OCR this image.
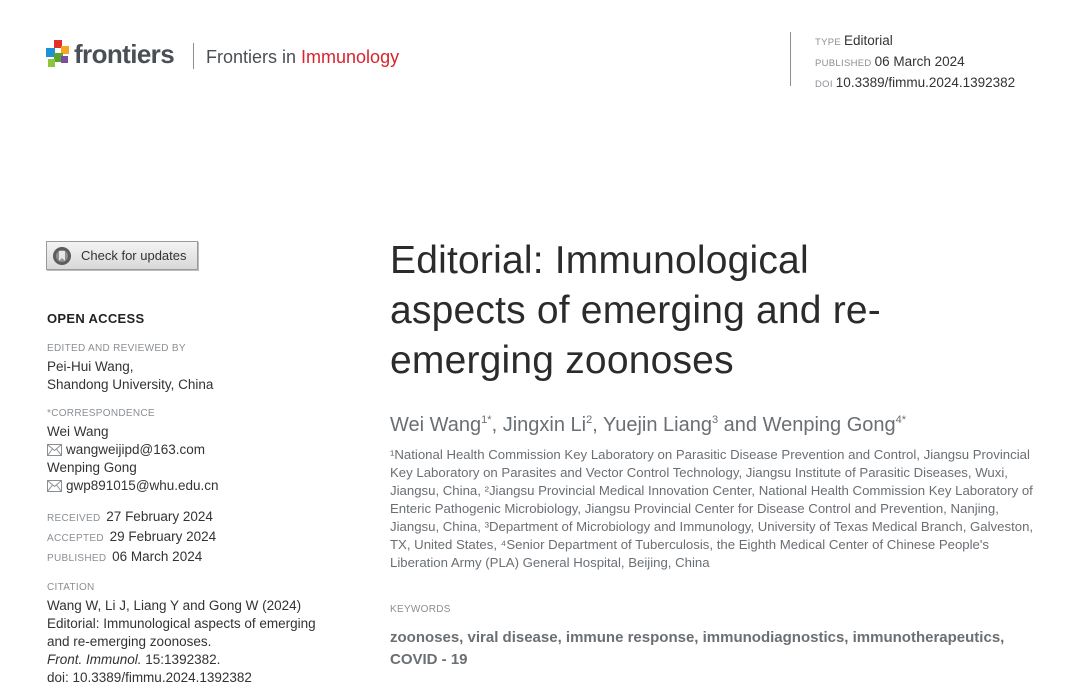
frontiers Frontiers in Immunology
TYPE Editorial
PUBLISHED 06 March 2024
DOI 10.3389/fimmu.2024.1392382
Check for updates
OPEN ACCESS
EDITED AND REVIEWED BY
Pei-Hui Wang,
Shandong University, China
*CORRESPONDENCE
Wei Wang
wangweijipd@163.com
Wenping Gong
gwp891015@whu.edu.cn
RECEIVED 27 February 2024
ACCEPTED 29 February 2024
PUBLISHED 06 March 2024
CITATION
Wang W, Li J, Liang Y and Gong W (2024)
Editorial: Immunological aspects of emerging
and re-emerging zoonoses.
Front. Immunol. 15:1392382.
doi: 10.3389/fimmu.2024.1392382
Editorial: Immunological aspects of emerging and re-emerging zoonoses
Wei Wang$^{1*}$, Jingxin Li$^2$, Yuejin Liang$^3$ and Wenping Gong$^{4*}$
¹National Health Commission Key Laboratory on Parasitic Disease Prevention and Control, Jiangsu Provincial Key Laboratory on Parasites and Vector Control Technology, Jiangsu Institute of Parasitic Diseases, Wuxi, Jiangsu, China, ²Jiangsu Provincial Medical Innovation Center, National Health Commission Key Laboratory of Enteric Pathogenic Microbiology, Jiangsu Provincial Center for Disease Control and Prevention, Nanjing, Jiangsu, China, ³Department of Microbiology and Immunology, University of Texas Medical Branch, Galveston, TX, United States, ⁴Senior Department of Tuberculosis, the Eighth Medical Center of Chinese People's Liberation Army (PLA) General Hospital, Beijing, China
KEYWORDS
zoonoses, viral disease, immune response, immunodiagnostics, immunotherapeutics, COVID - 19
